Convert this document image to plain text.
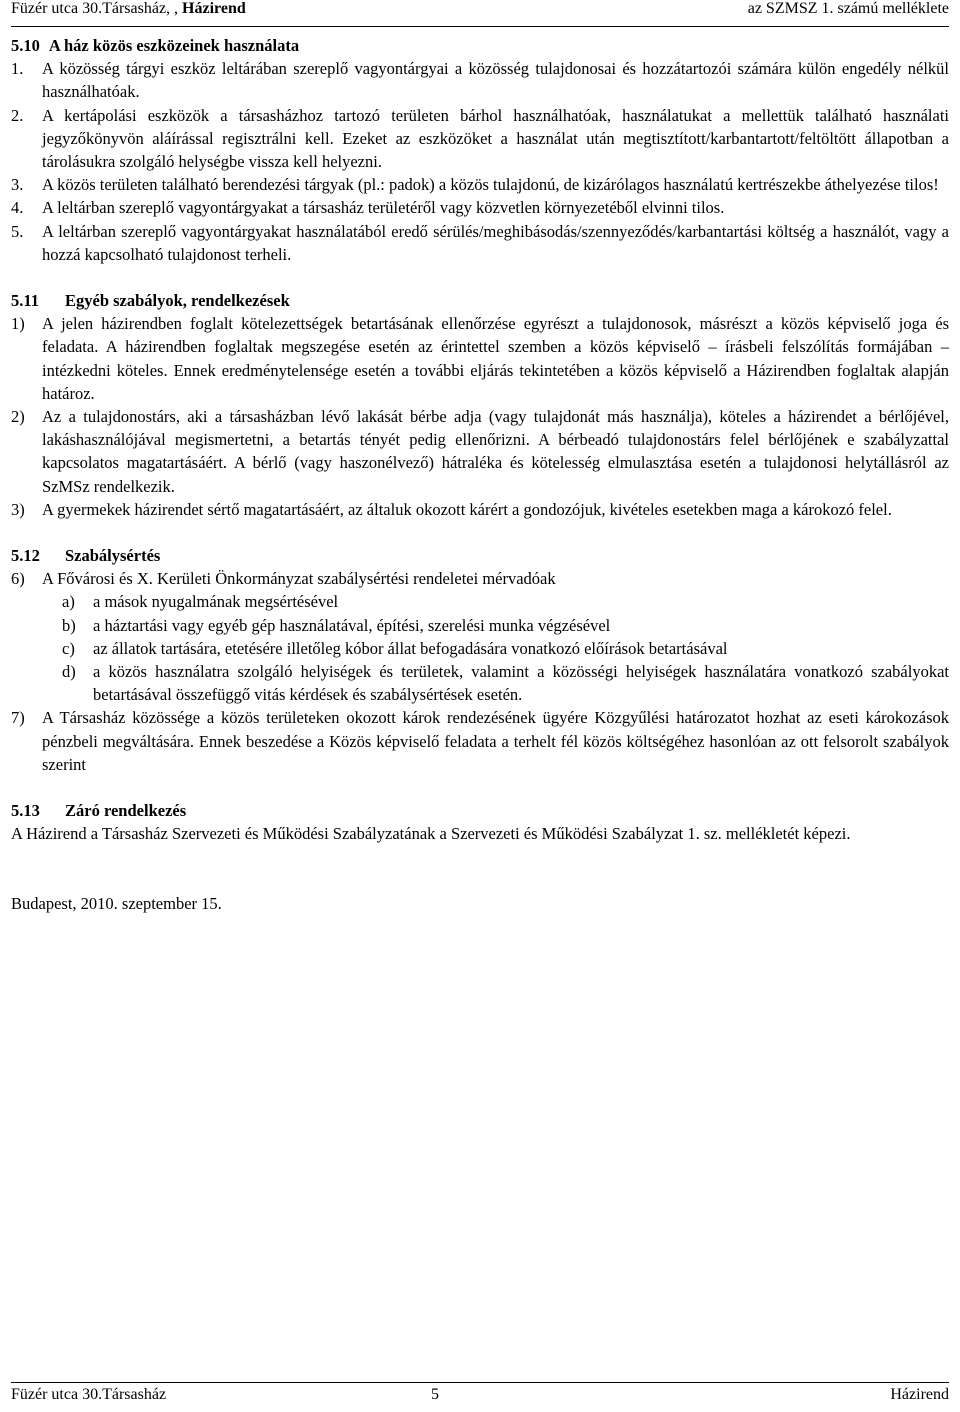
Füzér utca 30.Társasház, , Házirend	az SZMSZ 1. számú melléklete
5.10 A ház közös eszközeinek használata
1. A közösség tárgyi eszköz leltárában szereplő vagyontárgyai a közösség tulajdonosai és hozzátartozói számára külön engedély nélkül használhatóak.
2. A kertápolási eszközök a társasházhoz tartozó területen bárhol használhatóak, használatukat a mellettük található használati jegyzőkönyvön aláírással regisztrálni kell. Ezeket az eszközöket a használat után megtisztított/karbantartott/feltöltött állapotban a tárolásukra szolgáló helységbe vissza kell helyezni.
3. A közös területen található berendezési tárgyak (pl.: padok) a közös tulajdonú, de kizárólagos használatú kertrészekbe áthelyezése tilos!
4. A leltárban szereplő vagyontárgyakat a társasház területéről vagy közvetlen környezetéből elvinni tilos.
5. A leltárban szereplő vagyontárgyakat használatából eredő sérülés/meghibásodás/szennyeződés/karbantartási költség a használót, vagy a hozzá kapcsolható tulajdonost terheli.
5.11 Egyéb szabályok, rendelkezések
1) A jelen házirendben foglalt kötelezettségek betartásának ellenőrzése egyrészt a tulajdonosok, másrészt a közös képviselő joga és feladata. A házirendben foglaltak megszegése esetén az érintettel szemben a közös képviselő – írásbeli felszólítás formájában – intézkedni köteles. Ennek eredménytelensége esetén a további eljárás tekintetében a közös képviselő a Házirendben foglaltak alapján határoz.
2) Az a tulajdonostárs, aki a társasházban lévő lakását bérbe adja (vagy tulajdonát más használja), köteles a házirendet a bérlőjével, lakáshasználójával megismertetni, a betartás tényét pedig ellenőrizni. A bérbeadó tulajdonostárs felel bérlőjének e szabályzattal kapcsolatos magatartásáért. A bérlő (vagy haszonélvező) hátraléka és kötelesség elmulasztása esetén a tulajdonosi helytállásról az SzMSz rendelkezik.
3) A gyermekek házirendet sértő magatartásáért, az általuk okozott kárért a gondozójuk, kivételes esetekben maga a károkozó felel.
5.12 Szabálysértés
6) A Fővárosi és X. Kerületi Önkormányzat szabálysértési rendeletei mérvadóak
a) a mások nyugalmának megsértésével
b) a háztartási vagy egyéb gép használatával, építési, szerelési munka végzésével
c) az állatok tartására, etetésére illetőleg kóbor állat befogadására vonatkozó előírások betartásával
d) a közös használatra szolgáló helyiségek és területek, valamint a közösségi helyiségek használatára vonatkozó szabályokat betartásával összefüggő vitás kérdések és szabálysértések esetén.
7) A Társasház közössége a közös területeken okozott károk rendezésének ügyére Közgyűlési határozatot hozhat az eseti károkozások pénzbeli megváltására. Ennek beszedése a Közös képviselő feladata a terhelt fél közös költségéhez hasonlóan az ott felsorolt szabályok szerint
5.13 Záró rendelkezés
A Házirend a Társasház Szervezeti és Működési Szabályzatának a Szervezeti és Működési Szabályzat 1. sz. mellékletét képezi.
Budapest, 2010. szeptember 15.
Füzér utca 30.Társasház	5	Házirend
